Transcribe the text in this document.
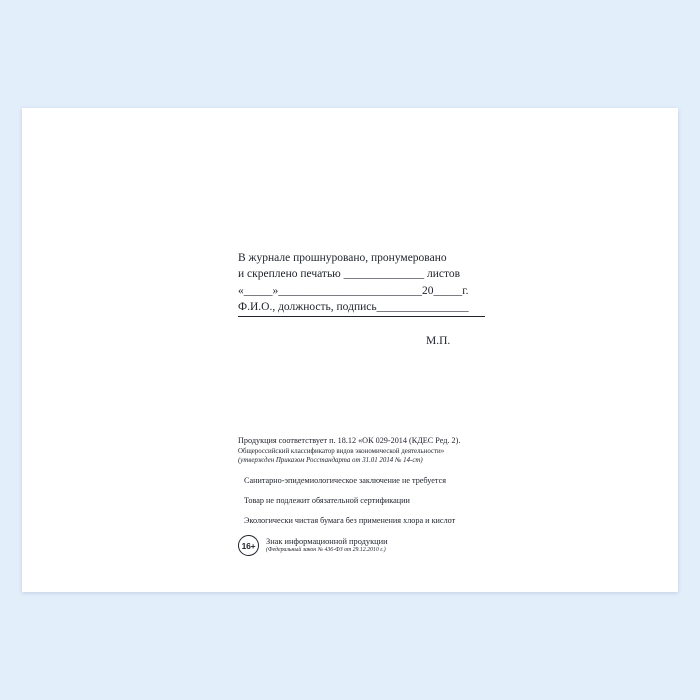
В журнале прошнуровано, пронумеровано
и скреплено печатью ______________ листов
«_____»_________________________20_____г.
Ф.И.О., должность, подпись________________
М.П.
Продукция соответствует п. 18.12 «ОК 029-2014 (КДЕС Ред. 2).
Общероссийский классификатор видов экономической деятельности»
(утвержден Приказом Росстандарта от 31.01 2014 № 14-ст)
Санитарно-эпидемиологическое заключение не требуется
Товар не подлежит обязательной сертификации
Экологически чистая бумага без применения хлора и кислот
16+	Знак информационной продукции
(Федеральный закон № 436-ФЗ от 29.12.2010 г.)
